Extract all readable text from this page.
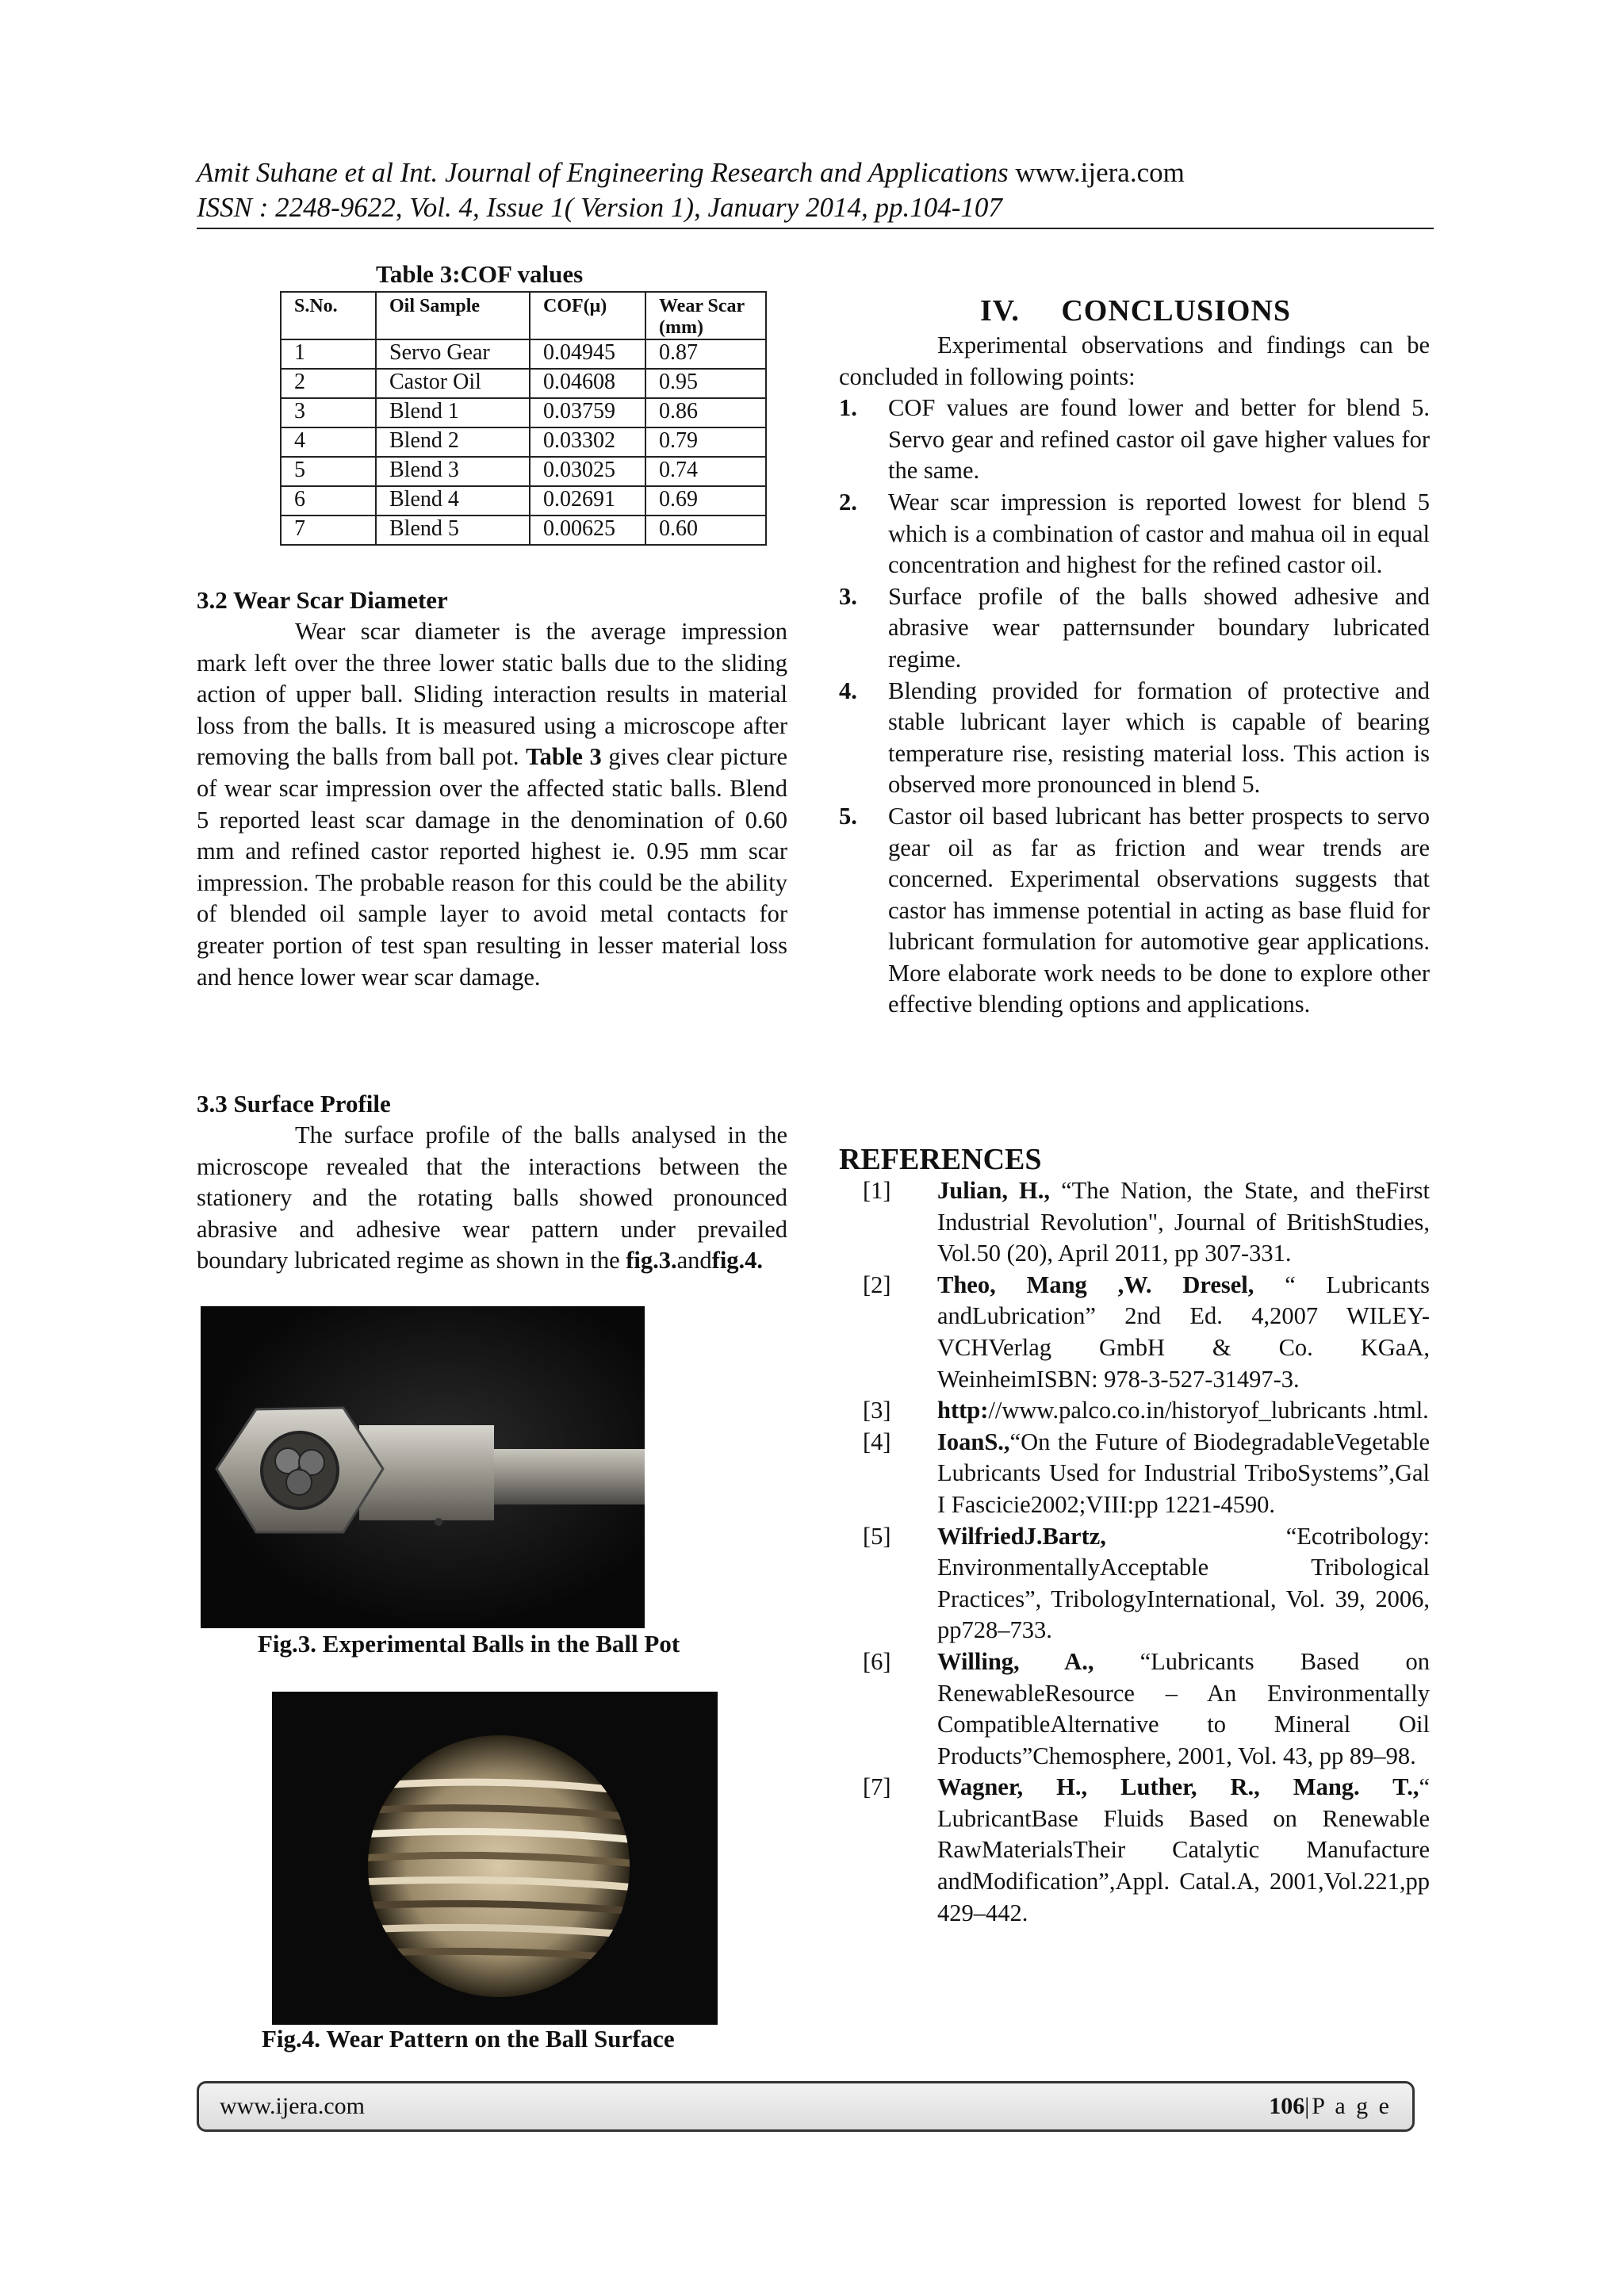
Amit Suhane et al Int. Journal of Engineering Research and Applications www.ijera.com
ISSN : 2248-9622, Vol. 4, Issue 1( Version 1), January 2014, pp.104-107
Table 3:COF values
S.No.	Oil Sample	COF(μ)	Wear Scar (mm)
1	Servo Gear	0.04945	0.87
2	Castor Oil	0.04608	0.95
3	Blend 1	0.03759	0.86
4	Blend 2	0.03302	0.79
5	Blend 3	0.03025	0.74
6	Blend 4	0.02691	0.69
7	Blend 5	0.00625	0.60

3.2 Wear Scar Diameter

Wear scar diameter is the average impression mark left over the three lower static balls due to the sliding action of upper ball. Sliding interaction results in material loss from the balls. It is measured using a microscope after removing the balls from ball pot. Table 3 gives clear picture of wear scar impression over the affected static balls. Blend 5 reported least scar damage in the denomination of 0.60 mm and refined castor reported highest ie. 0.95 mm scar impression. The probable reason for this could be the ability of blended oil sample layer to avoid metal contacts for greater portion of test span resulting in lesser material loss and hence lower wear scar damage.

3.3 Surface Profile

The surface profile of the balls analysed in the microscope revealed that the interactions between the stationery and the rotating balls showed pronounced abrasive and adhesive wear pattern under prevailed boundary lubricated regime as shown in the fig.3.andfig.4.

Fig.3. Experimental Balls in the Ball Pot
Fig.4. Wear Pattern on the Ball Surface
IV.     CONCLUSIONS

Experimental observations and findings can be concluded in following points:

1. COF values are found lower and better for blend 5. Servo gear and refined castor oil gave higher values for the same.
2. Wear scar impression is reported lowest for blend 5 which is a combination of castor and mahua oil in equal concentration and highest for the refined castor oil.
3. Surface profile of the balls showed adhesive and abrasive wear patternsunder boundary lubricated regime.
4. Blending provided for formation of protective and stable lubricant layer which is capable of bearing temperature rise, resisting material loss. This action is observed more pronounced in blend 5.
5. Castor oil based lubricant has better prospects to servo gear oil as far as friction and wear trends are concerned. Experimental observations suggests that castor has immense potential in acting as base fluid for lubricant formulation for automotive gear applications. More elaborate work needs to be done to explore other effective blending options and applications.
REFERENCES
[1] Julian, H., “The Nation, the State, and theFirst Industrial Revolution", Journal of BritishStudies, Vol.50 (20), April 2011, pp 307-331.
[2] Theo, Mang ,W. Dresel, “ Lubricants andLubrication” 2nd Ed. 4,2007 WILEY-VCHVerlag GmbH & Co. KGaA, WeinheimISBN: 978-3-527-31497-3.
[3] http://www.palco.co.in/historyof_lubricants .html.
[4] IoanS.,“On the Future of BiodegradableVegetable Lubricants Used for Industrial TriboSystems”,Gal I Fascicie2002;VIII:pp 1221-4590.
[5] WilfriedJ.Bartz, “Ecotribology: EnvironmentallyAcceptable Tribological Practices”, TribologyInternational, Vol. 39, 2006, pp728–733.
[6] Willing, A., “Lubricants Based on RenewableResource – An Environmentally CompatibleAlternative to Mineral Oil Products”Chemosphere, 2001, Vol. 43, pp 89–98.
[7] Wagner, H., Luther, R., Mang. T.,“ LubricantBase Fluids Based on Renewable RawMaterialsTheir Catalytic Manufacture andModification”,Appl. Catal.A, 2001,Vol.221,pp 429–442.
www.ijera.com	106|P a g e
